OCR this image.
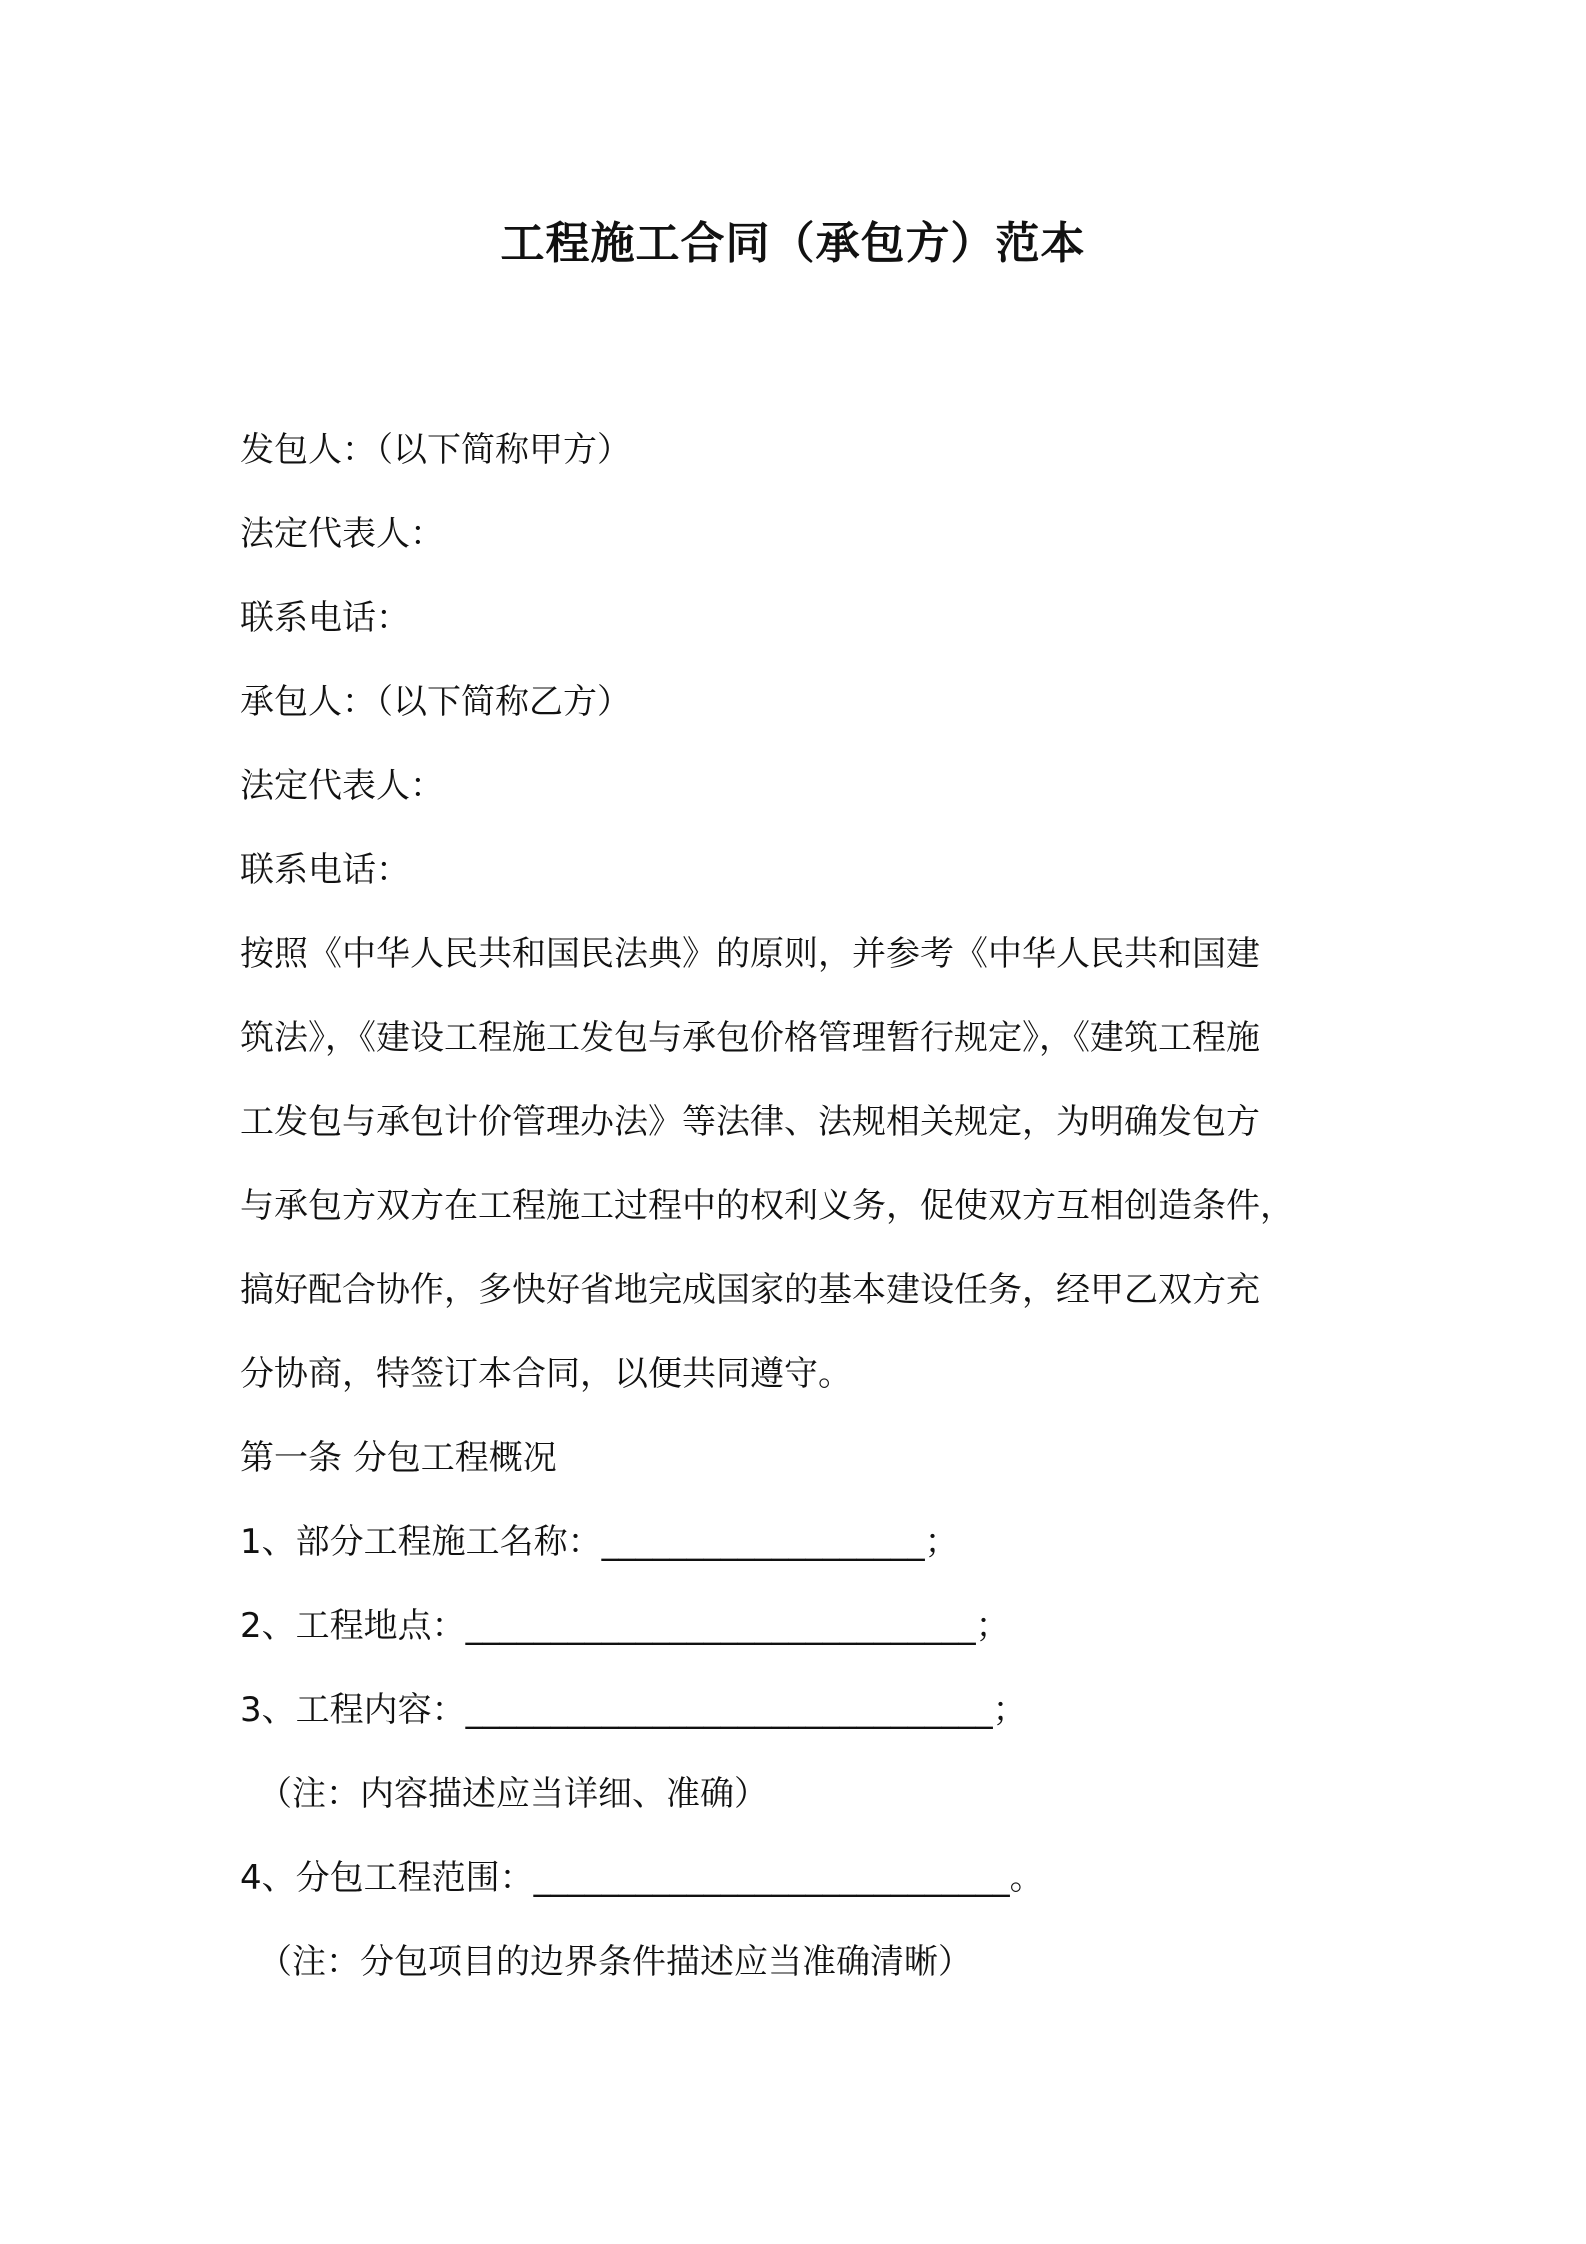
工程施工合同（承包方）范本
发包人：（以下简称甲方）
法定代表人：
联系电话：
承包人：（以下简称乙方）
法定代表人：
联系电话：
按照《中华人民共和国民法典》的原则，并参考《中华人民共和国建
筑法》，《建设工程施工发包与承包价格管理暂行规定》，《建筑工程施
工发包与承包计价管理办法》等法律、法规相关规定，为明确发包方
与承包方双方在工程施工过程中的权利义务，促使双方互相创造条件，
搞好配合协作，多快好省地完成国家的基本建设任务，经甲乙双方充
分协商，特签订本合同，以便共同遵守。
第一条 分包工程概况
1、部分工程施工名称：___________________；
2、工程地点：______________________________；
3、工程内容：_______________________________；
（注：内容描述应当详细、准确）
4、分包工程范围：____________________________。
（注：分包项目的边界条件描述应当准确清晰）
